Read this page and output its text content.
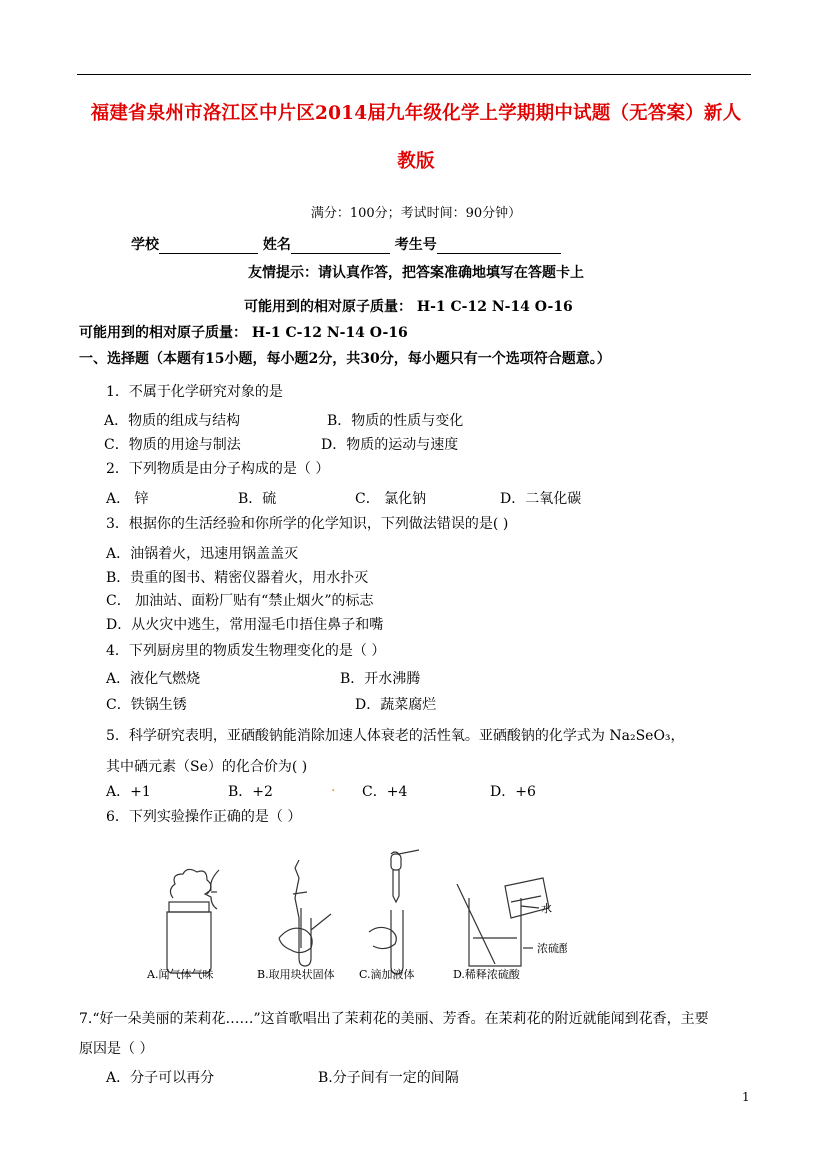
福建省泉州市洛江区中片区2014届九年级化学上学期期中试题（无答案）新人
教版
满分：100分；考试时间：90分钟）
学校	姓名	考生号
友情提示：请认真作答，把答案准确地填写在答题卡上
可能用到的相对原子质量： H-1 C-12 N-14 O-16
可能用到的相对原子质量： H-1 C-12 N-14 O-16
一、选择题（本题有15小题，每小题2分，共30分，每小题只有一个选项符合题意。）
1．不属于化学研究对象的是
A．物质的组成与结构	B．物质的性质与变化
C．物质的用途与制法	D．物质的运动与速度
2．下列物质是由分子构成的是（ ）
A． 锌	B．硫	C． 氯化钠	D．二氧化碳
3．根据你的生活经验和你所学的化学知识，下列做法错误的是( )
A．油锅着火，迅速用锅盖盖灭
B．贵重的图书、精密仪器着火，用水扑灭
C． 加油站、面粉厂贴有“禁止烟火”的标志
D．从火灾中逃生，常用湿毛巾捂住鼻子和嘴
4．下列厨房里的物质发生物理变化的是（ ）
A．液化气燃烧	B．开水沸腾
C．铁锅生锈	D．蔬菜腐烂
5．科学研究表明，亚硒酸钠能消除加速人体衰老的活性氧。亚硒酸钠的化学式为 Na₂SeO₃，
其中硒元素（Se）的化合价为( )
A．+1	B．+2	. C．+4	D．+6
6．下列实验操作正确的是（ ）
水
浓硫酸
A.闻气体气味	B.取用块状固体 C.滴加液体	D.稀释浓硫酸
7.“好一朵美丽的茉莉花……”这首歌唱出了茉莉花的美丽、芳香。在茉莉花的附近就能闻到花香，主要
原因是（ ）
A．分子可以再分	B.分子间有一定的间隔
1
